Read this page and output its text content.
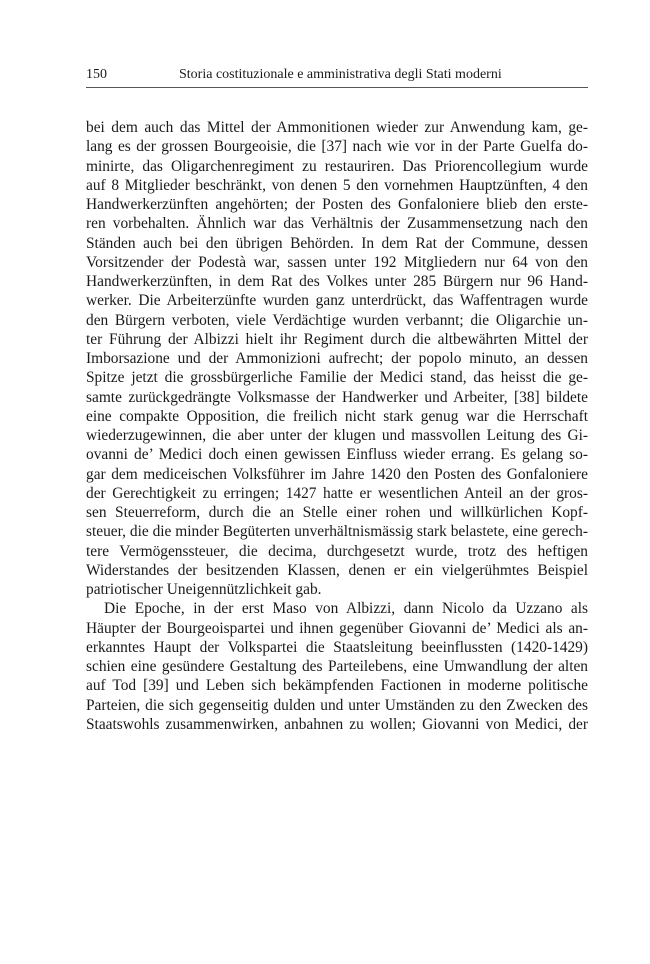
150	Storia costituzionale e amministrativa degli Stati moderni
bei dem auch das Mittel der Ammonitionen wieder zur Anwendung kam, ge-
lang es der grossen Bourgeoisie, die [37] nach wie vor in der Parte Guelfa do-
minirte, das Oligarchenregiment zu restauriren. Das Priorencollegium wurde
auf 8 Mitglieder beschränkt, von denen 5 den vornehmen Hauptzünften, 4 den
Handwerkerzünften angehörten; der Posten des Gonfaloniere blieb den erste-
ren vorbehalten. Ähnlich war das Verhältnis der Zusammensetzung nach den
Ständen auch bei den übrigen Behörden. In dem Rat der Commune, dessen
Vorsitzender der Podestà war, sassen unter 192 Mitgliedern nur 64 von den
Handwerkerzünften, in dem Rat des Volkes unter 285 Bürgern nur 96 Hand-
werker. Die Arbeiterzünfte wurden ganz unterdrückt, das Waffentragen wurde
den Bürgern verboten, viele Verdächtige wurden verbannt; die Oligarchie un-
ter Führung der Albizzi hielt ihr Regiment durch die altbewährten Mittel der
Imborsazione und der Ammonizioni aufrecht; der popolo minuto, an dessen
Spitze jetzt die grossbürgerliche Familie der Medici stand, das heisst die ge-
samte zurückgedrängte Volksmasse der Handwerker und Arbeiter, [38] bildete
eine compakte Opposition, die freilich nicht stark genug war die Herrschaft
wiederzugewinnen, die aber unter der klugen und massvollen Leitung des Gi-
ovanni de’ Medici doch einen gewissen Einfluss wieder errang. Es gelang so-
gar dem mediceischen Volksführer im Jahre 1420 den Posten des Gonfaloniere
der Gerechtigkeit zu erringen; 1427 hatte er wesentlichen Anteil an der gros-
sen Steuerreform, durch die an Stelle einer rohen und willkürlichen Kopf-
steuer, die die minder Begüterten unverhältnismässig stark belastete, eine gerech-
tere Vermögenssteuer, die decima, durchgesetzt wurde, trotz des heftigen
Widerstandes der besitzenden Klassen, denen er ein vielgerühmtes Beispiel
patriotischer Uneigennützlichkeit gab.
Die Epoche, in der erst Maso von Albizzi, dann Nicolo da Uzzano als
Häupter der Bourgeoispartei und ihnen gegenüber Giovanni de’ Medici als an-
erkanntes Haupt der Volkspartei die Staatsleitung beeinflussten (1420-1429)
schien eine gesündere Gestaltung des Parteilebens, eine Umwandlung der alten
auf Tod [39] und Leben sich bekämpfenden Factionen in moderne politische
Parteien, die sich gegenseitig dulden und unter Umständen zu den Zwecken des
Staatswohls zusammenwirken, anbahnen zu wollen; Giovanni von Medici, der
